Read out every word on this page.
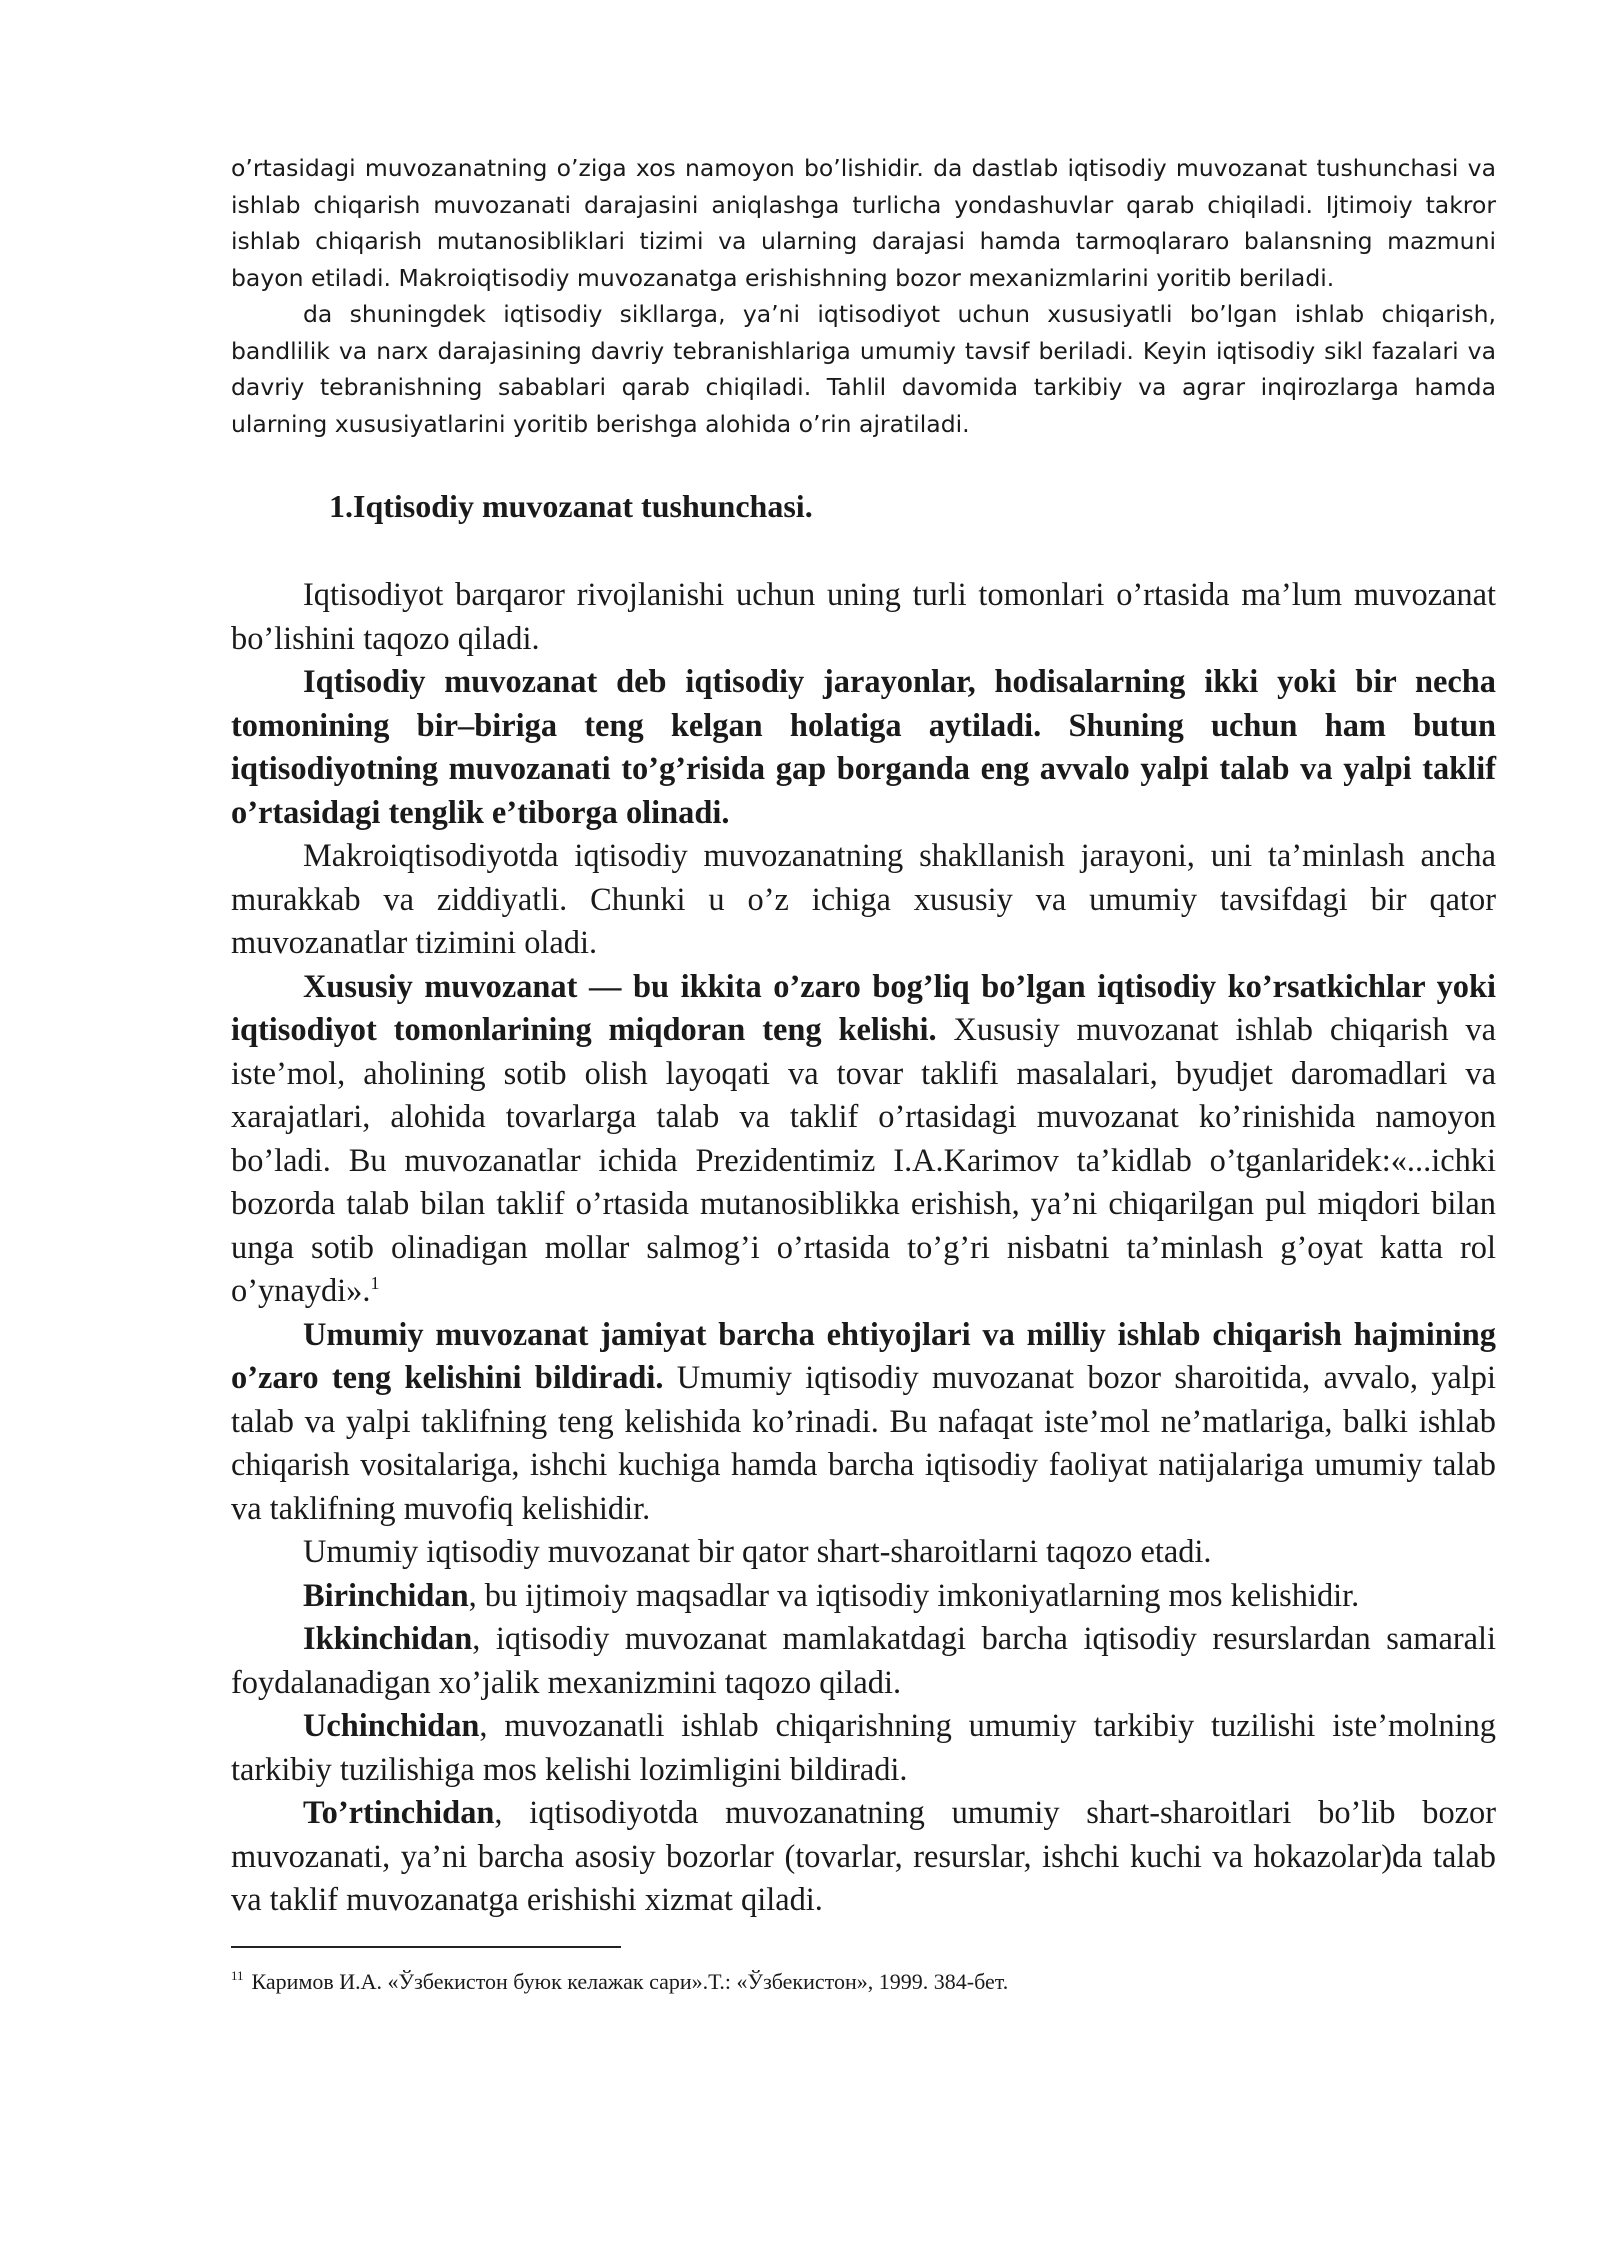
o’rtasidagi muvozanatning o’ziga xos namoyon bo’lishidir. da dastlab iqtisodiy muvozanat tushunchasi va ishlab chiqarish muvozanati darajasini aniqlashga turlicha yondashuvlar qarab chiqiladi. Ijtimoiy takror ishlab chiqarish mutanosibliklari tizimi va ularning darajasi hamda tarmoqlararo balansning mazmuni bayon etiladi. Makroiqtisodiy muvozanatga erishishning bozor mexanizmlarini yoritib beriladi.

da shuningdek iqtisodiy sikllarga, ya’ni iqtisodiyot uchun xususiyatli bo’lgan ishlab chiqarish, bandlilik va narx darajasining davriy tebranishlariga umumiy tavsif beriladi. Keyin iqtisodiy sikl fazalari va davriy tebranishning sabablari qarab chiqiladi. Tahlil davomida tarkibiy va agrar inqirozlarga hamda ularning xususiyatlarini yoritib berishga alohida o’rin ajratiladi.

1.Iqtisodiy muvozanat tushunchasi.

Iqtisodiyot barqaror rivojlanishi uchun uning turli tomonlari o’rtasida ma’lum muvozanat bo’lishini taqozo qiladi.

Iqtisodiy muvozanat deb iqtisodiy jarayonlar, hodisalarning ikki yoki bir necha tomonining bir–biriga teng kelgan holatiga aytiladi. Shuning uchun ham butun iqtisodiyotning muvozanati to’g’risida gap borganda eng avvalo yalpi talab va yalpi taklif o’rtasidagi tenglik e’tiborga olinadi.

Makroiqtisodiyotda iqtisodiy muvozanatning shakllanish jarayoni, uni ta’minlash ancha murakkab va ziddiyatli. Chunki u o’z ichiga xususiy va umumiy tavsifdagi bir qator muvozanatlar tizimini oladi.

Xususiy muvozanat — bu ikkita o’zaro bog’liq bo’lgan iqtisodiy ko’rsatkichlar yoki iqtisodiyot tomonlarining miqdoran teng kelishi. Xususiy muvozanat ishlab chiqarish va iste’mol, aholining sotib olish layoqati va tovar taklifi masalalari, byudjet daromadlari va xarajatlari, alohida tovarlarga talab va taklif o’rtasidagi muvozanat ko’rinishida namoyon bo’ladi. Bu muvozanatlar ichida Prezidentimiz I.A.Karimov ta’kidlab o’tganlaridek:«...ichki bozorda talab bilan taklif o’rtasida mutanosiblikka erishish, ya’ni chiqarilgan pul miqdori bilan unga sotib olinadigan mollar salmog’i o’rtasida to’g’ri nisbatni ta’minlash g’oyat katta rol o’ynaydi».$^1$

Umumiy muvozanat jamiyat barcha ehtiyojlari va milliy ishlab chiqarish hajmining o’zaro teng kelishini bildiradi. Umumiy iqtisodiy muvozanat bozor sharoitida, avvalo, yalpi talab va yalpi taklifning teng kelishida ko’rinadi. Bu nafaqat iste’mol ne’matlariga, balki ishlab chiqarish vositalariga, ishchi kuchiga hamda barcha iqtisodiy faoliyat natijalariga umumiy talab va taklifning muvofiq kelishidir.

Umumiy iqtisodiy muvozanat bir qator shart-sharoitlarni taqozo etadi.

Birinchidan, bu ijtimoiy maqsadlar va iqtisodiy imkoniyatlarning mos kelishidir.

Ikkinchidan, iqtisodiy muvozanat mamlakatdagi barcha iqtisodiy resurslardan samarali foydalanadigan xo’jalik mexanizmini taqozo qiladi.

Uchinchidan, muvozanatli ishlab chiqarishning umumiy tarkibiy tuzilishi iste’molning tarkibiy tuzilishiga mos kelishi lozimligini bildiradi.

To’rtinchidan, iqtisodiyotda muvozanatning umumiy shart-sharoitlari bo’lib bozor muvozanati, ya’ni barcha asosiy bozorlar (tovarlar, resurslar, ishchi kuchi va hokazolar)da talab va taklif muvozanatga erishishi xizmat qiladi.

$^{11}$ Каримов И.А. «Ўзбекистон буюк келажак сари».Т.: «Ўзбекистон», 1999. 384-бет.
